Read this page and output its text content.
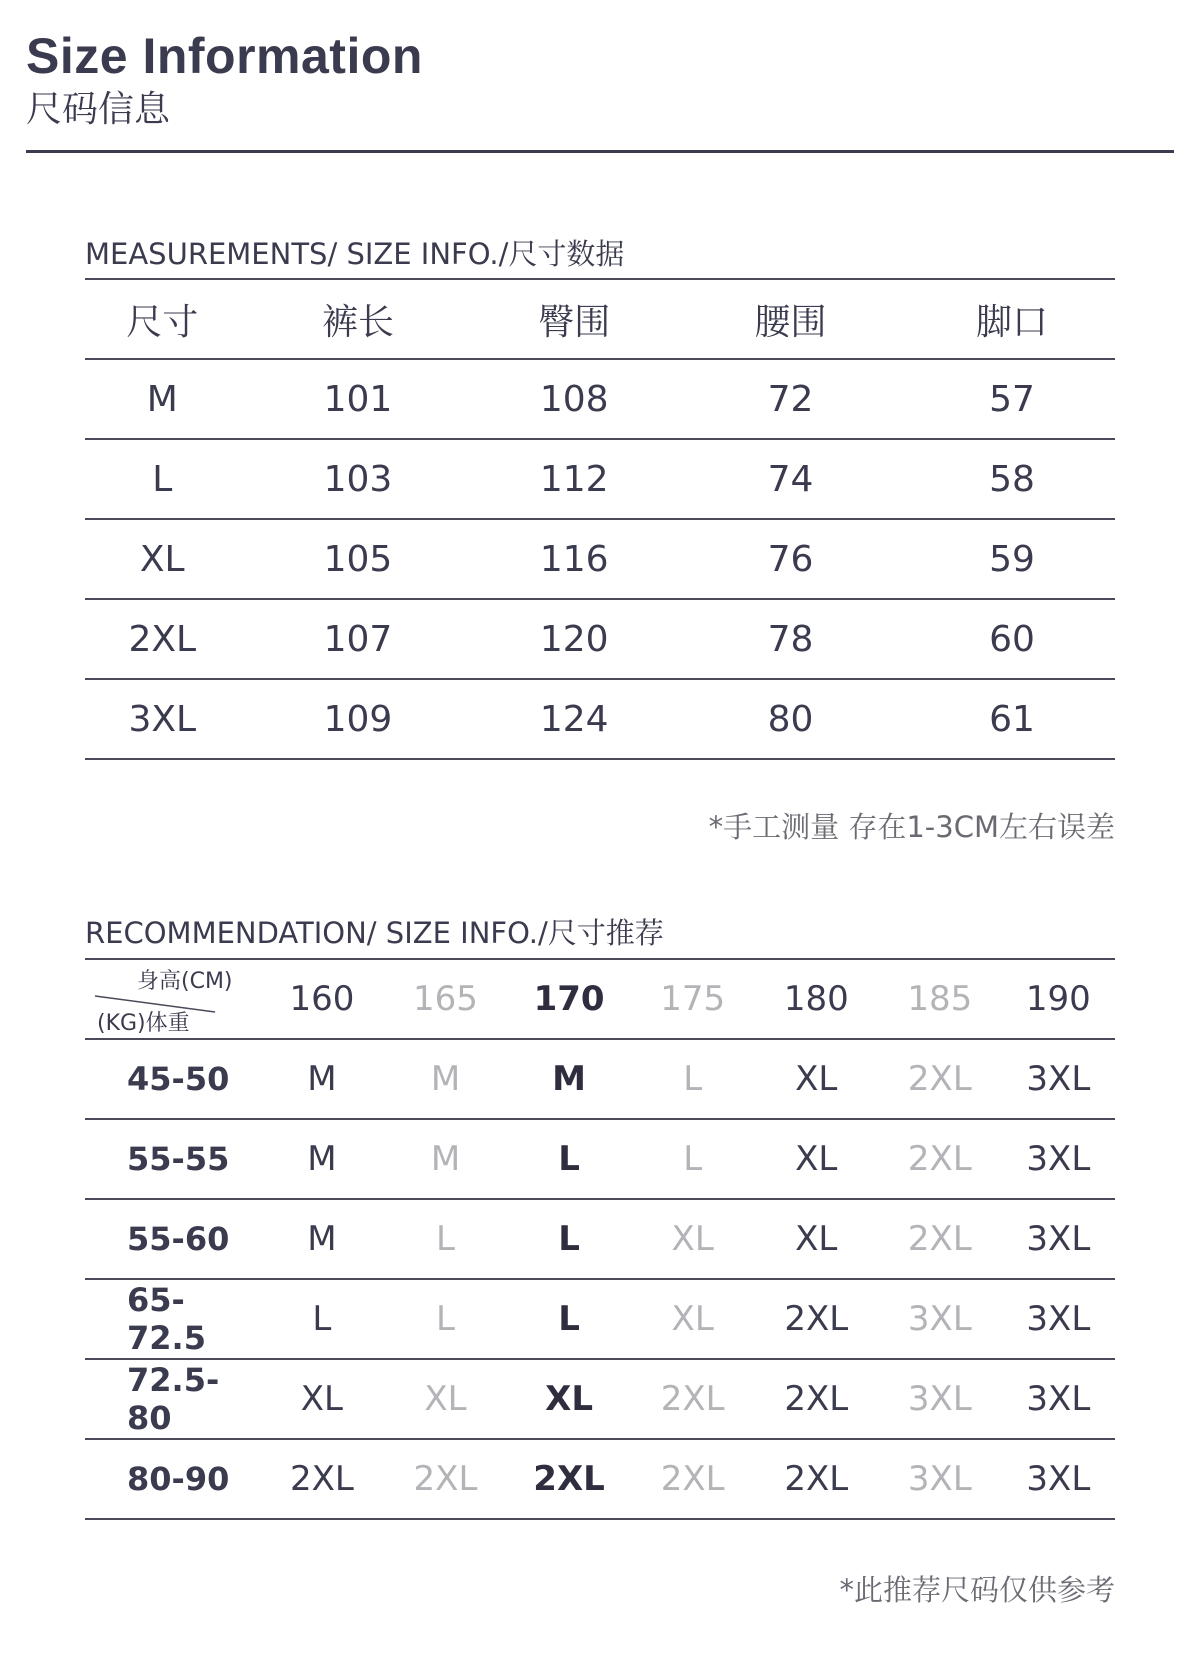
Size Information
尺码信息
MEASUREMENTS/ SIZE INFO./尺寸数据
尺寸	裤长	臀围	腰围	脚口
M	101	108	72	57
L	103	112	74	58
XL	105	116	76	59
2XL	107	120	78	60
3XL	109	124	80	61
*手工测量 存在1-3CM左右误差
RECOMMENDATION/ SIZE INFO./尺寸推荐
身高(CM)
(KG)体重	160	165	170	175	180	185	190
45-50	M	M	M	L	XL	2XL	3XL
55-55	M	M	L	L	XL	2XL	3XL
55-60	M	L	L	XL	XL	2XL	3XL
65-72.5	L	L	L	XL	2XL	3XL	3XL
72.5-80	XL	XL	XL	2XL	2XL	3XL	3XL
80-90	2XL	2XL	2XL	2XL	2XL	3XL	3XL
*此推荐尺码仅供参考
